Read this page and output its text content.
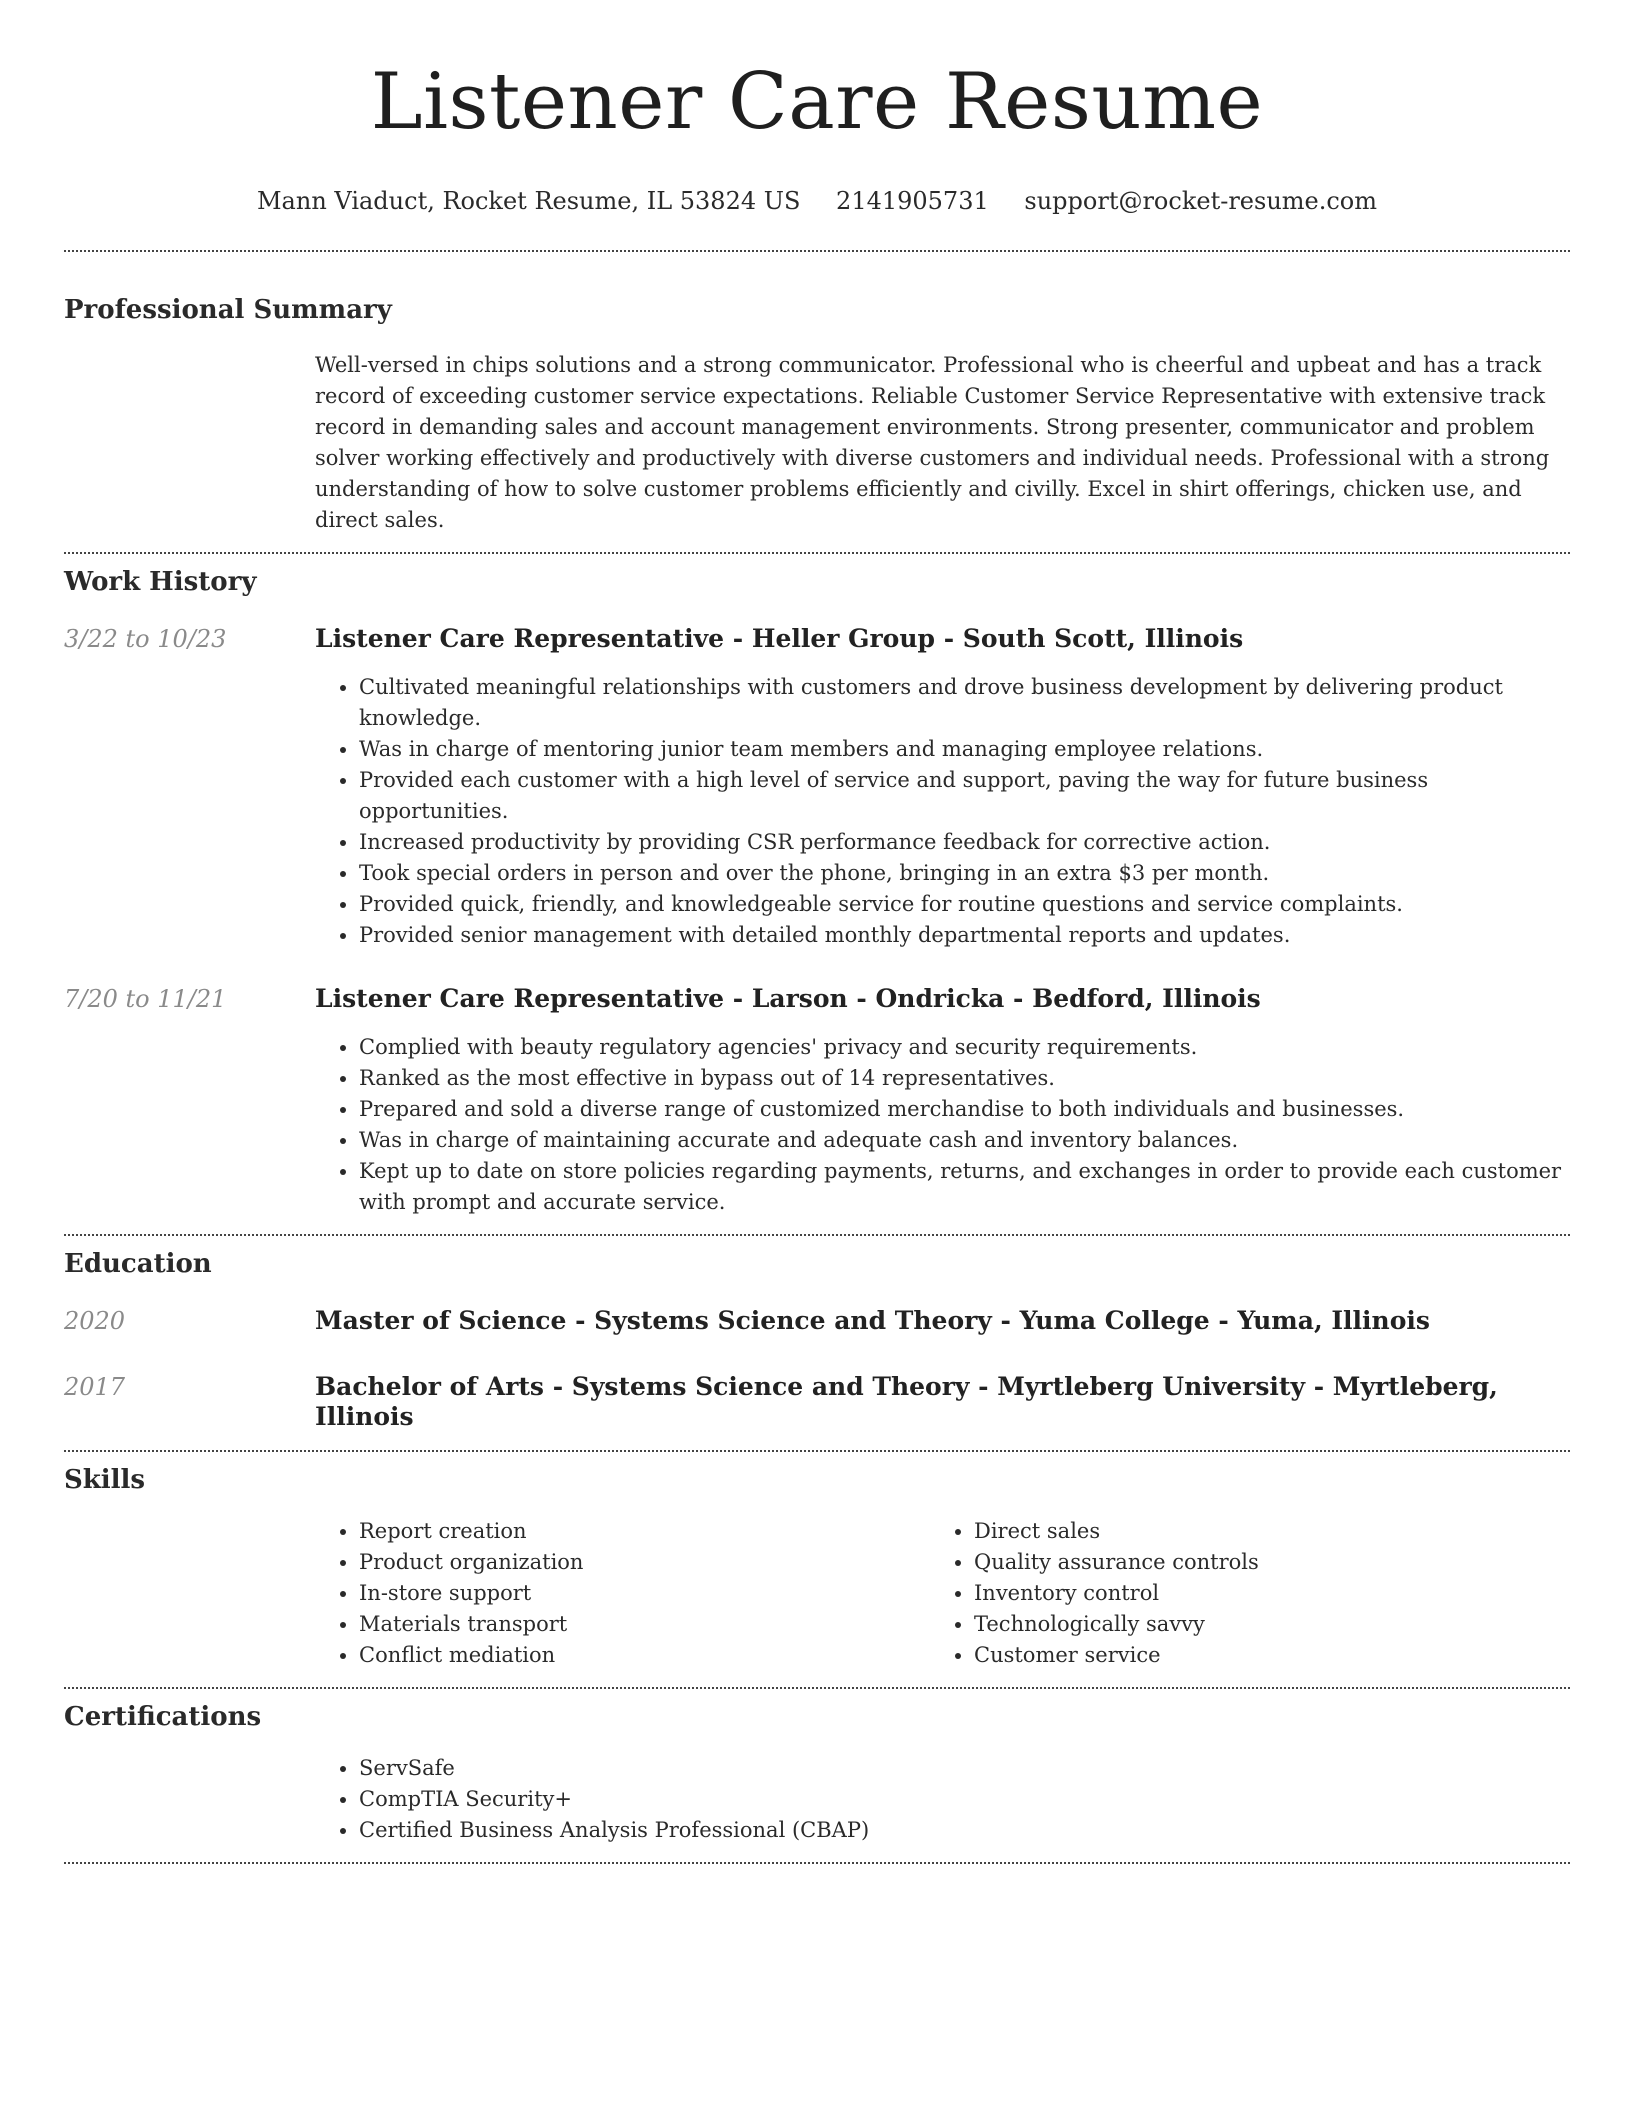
Listener Care Resume
Mann Viaduct, Rocket Resume, IL 53824 US 2141905731 support@rocket-resume.com
Professional Summary

Well-versed in chips solutions and a strong communicator. Professional who is cheerful and upbeat and has a track record of exceeding customer service expectations. Reliable Customer Service Representative with extensive track record in demanding sales and account management environments. Strong presenter, communicator and problem solver working effectively and productively with diverse customers and individual needs. Professional with a strong understanding of how to solve customer problems efficiently and civilly. Excel in shirt offerings, chicken use, and direct sales.

Work History
3/22 to 10/23	Listener Care Representative - Heller Group - South Scott, Illinois
• Cultivated meaningful relationships with customers and drove business development by delivering product knowledge.
• Was in charge of mentoring junior team members and managing employee relations.
• Provided each customer with a high level of service and support, paving the way for future business opportunities.
• Increased productivity by providing CSR performance feedback for corrective action.
• Took special orders in person and over the phone, bringing in an extra $3 per month.
• Provided quick, friendly, and knowledgeable service for routine questions and service complaints.
• Provided senior management with detailed monthly departmental reports and updates.
7/20 to 11/21	Listener Care Representative - Larson - Ondricka - Bedford, Illinois
• Complied with beauty regulatory agencies' privacy and security requirements.
• Ranked as the most effective in bypass out of 14 representatives.
• Prepared and sold a diverse range of customized merchandise to both individuals and businesses.
• Was in charge of maintaining accurate and adequate cash and inventory balances.
• Kept up to date on store policies regarding payments, returns, and exchanges in order to provide each customer with prompt and accurate service.
Education
2020	Master of Science - Systems Science and Theory - Yuma College - Yuma, Illinois
2017	Bachelor of Arts - Systems Science and Theory - Myrtleberg University - Myrtleberg, Illinois
Skills
• Report creation
• Product organization
• In-store support
• Materials transport
• Conflict mediation
• Direct sales
• Quality assurance controls
• Inventory control
• Technologically savvy
• Customer service
Certifications
• ServSafe
• CompTIA Security+
• Certified Business Analysis Professional (CBAP)
